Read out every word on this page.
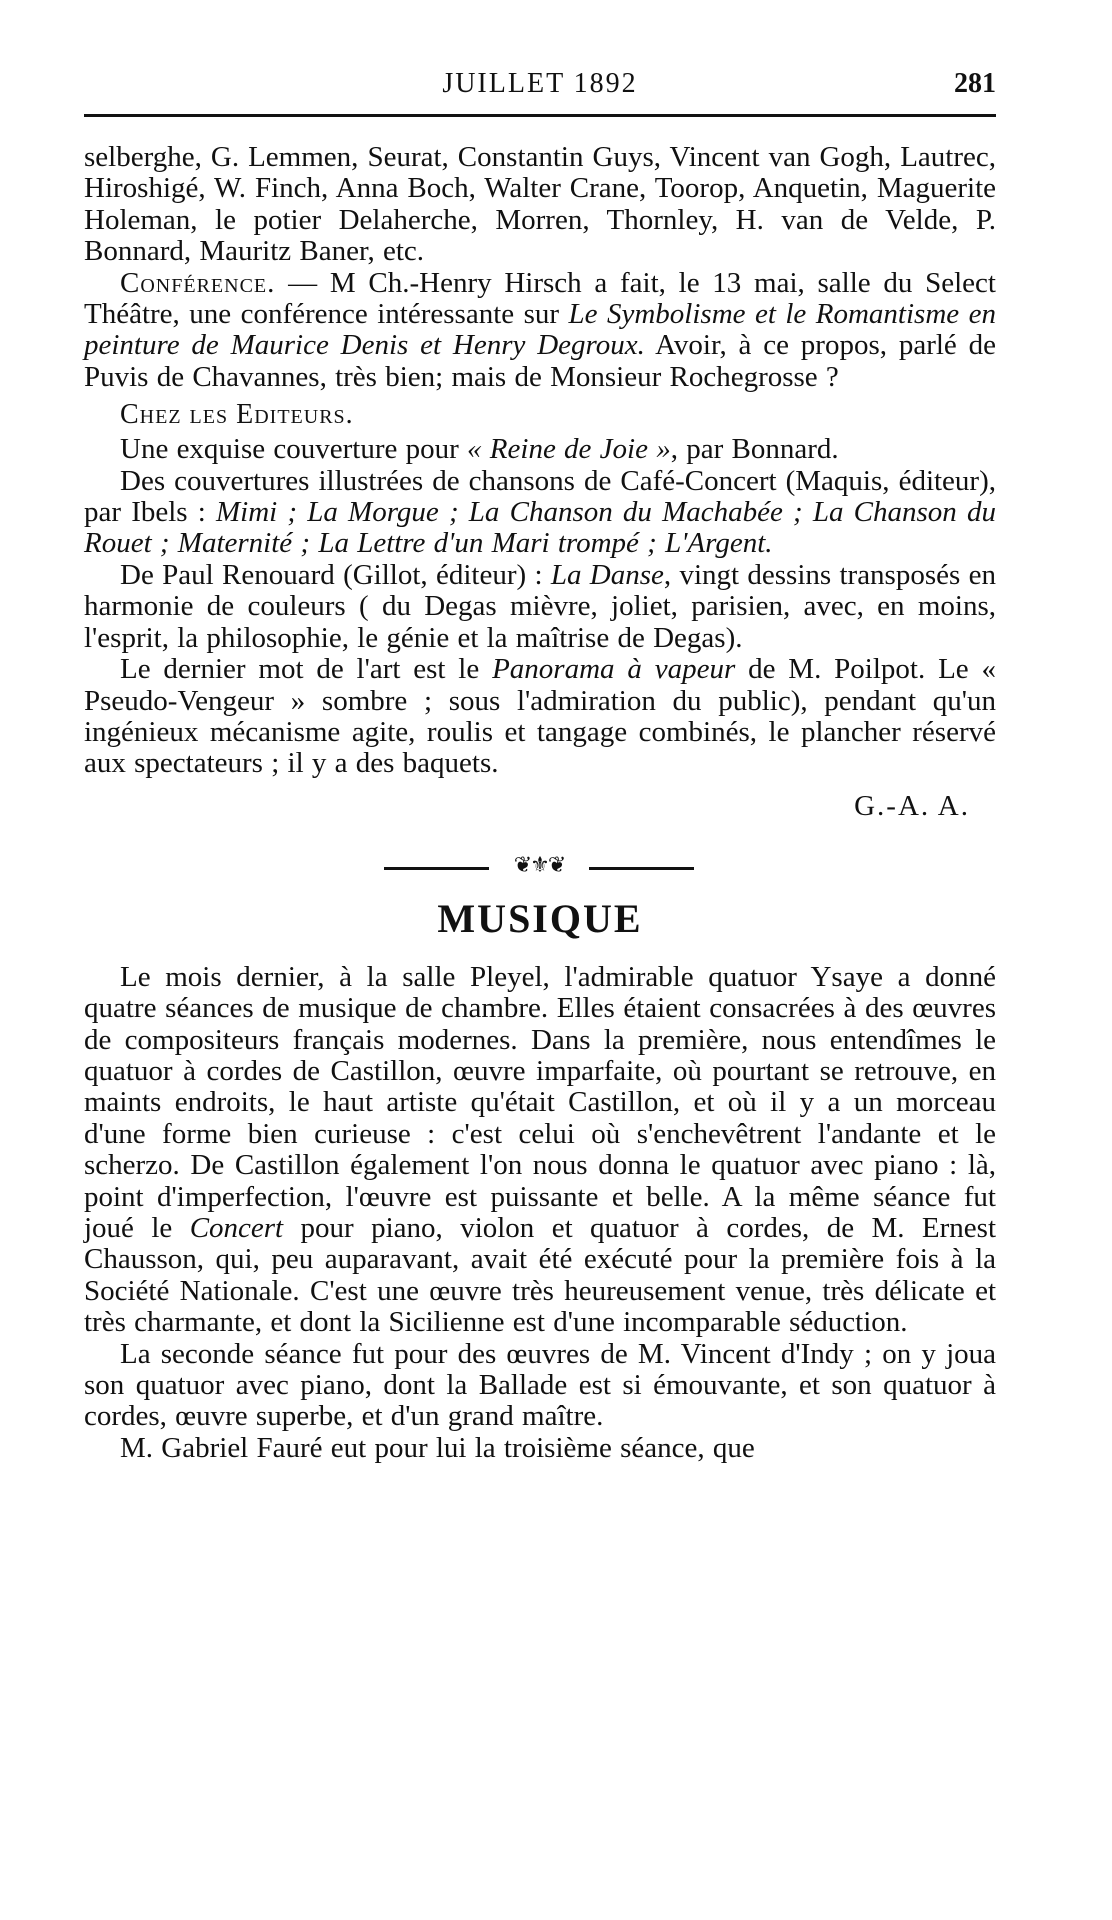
JUILLET 1892	281

selberghe, G. Lemmen, Seurat, Constantin Guys, Vincent van Gogh, Lautrec, Hiroshigé, W. Finch, Anna Boch, Walter Crane, Toorop, Anquetin, Maguerite Holeman, le potier Delaherche, Morren, Thornley, H. van de Velde, P. Bonnard, Mauritz Baner, etc.

Conférence. — M Ch.-Henry Hirsch a fait, le 13 mai, salle du Select Théâtre, une conférence intéressante sur Le Symbolisme et le Romantisme en peinture de Maurice Denis et Henry Degroux. Avoir, à ce propos, parlé de Puvis de Chavannes, très bien; mais de Monsieur Rochegrosse ?

Chez les Editeurs.

Une exquise couverture pour « Reine de Joie », par Bonnard.

Des couvertures illustrées de chansons de Café-Concert (Maquis, éditeur), par Ibels : Mimi ; La Morgue ; La Chanson du Machabée ; La Chanson du Rouet ; Maternité ; La Lettre d'un Mari trompé ; L'Argent.

De Paul Renouard (Gillot, éditeur) : La Danse, vingt dessins transposés en harmonie de couleurs ( du Degas mièvre, joliet, parisien, avec, en moins, l'esprit, la philosophie, le génie et la maîtrise de Degas).

Le dernier mot de l'art est le Panorama à vapeur de M. Poilpot. Le « Pseudo-Vengeur » sombre ; sous l'admiration du public), pendant qu'un ingénieux mécanisme agite, roulis et tangage combinés, le plancher réservé aux spectateurs ; il y a des baquets.

G.-A. A.

❦⚜❦
MUSIQUE

Le mois dernier, à la salle Pleyel, l'admirable quatuor Ysaye a donné quatre séances de musique de chambre. Elles étaient consacrées à des œuvres de compositeurs français modernes. Dans la première, nous entendîmes le quatuor à cordes de Castillon, œuvre imparfaite, où pourtant se retrouve, en maints endroits, le haut artiste qu'était Castillon, et où il y a un morceau d'une forme bien curieuse : c'est celui où s'enchevêtrent l'andante et le scherzo. De Castillon également l'on nous donna le quatuor avec piano : là, point d'imperfection, l'œuvre est puissante et belle. A la même séance fut joué le Concert pour piano, violon et quatuor à cordes, de M. Ernest Chausson, qui, peu auparavant, avait été exécuté pour la première fois à la Société Nationale. C'est une œuvre très heureusement venue, très délicate et très charmante, et dont la Sicilienne est d'une incomparable séduction.

La seconde séance fut pour des œuvres de M. Vincent d'Indy ; on y joua son quatuor avec piano, dont la Ballade est si émouvante, et son quatuor à cordes, œuvre superbe, et d'un grand maître.

M. Gabriel Fauré eut pour lui la troisième séance, que
